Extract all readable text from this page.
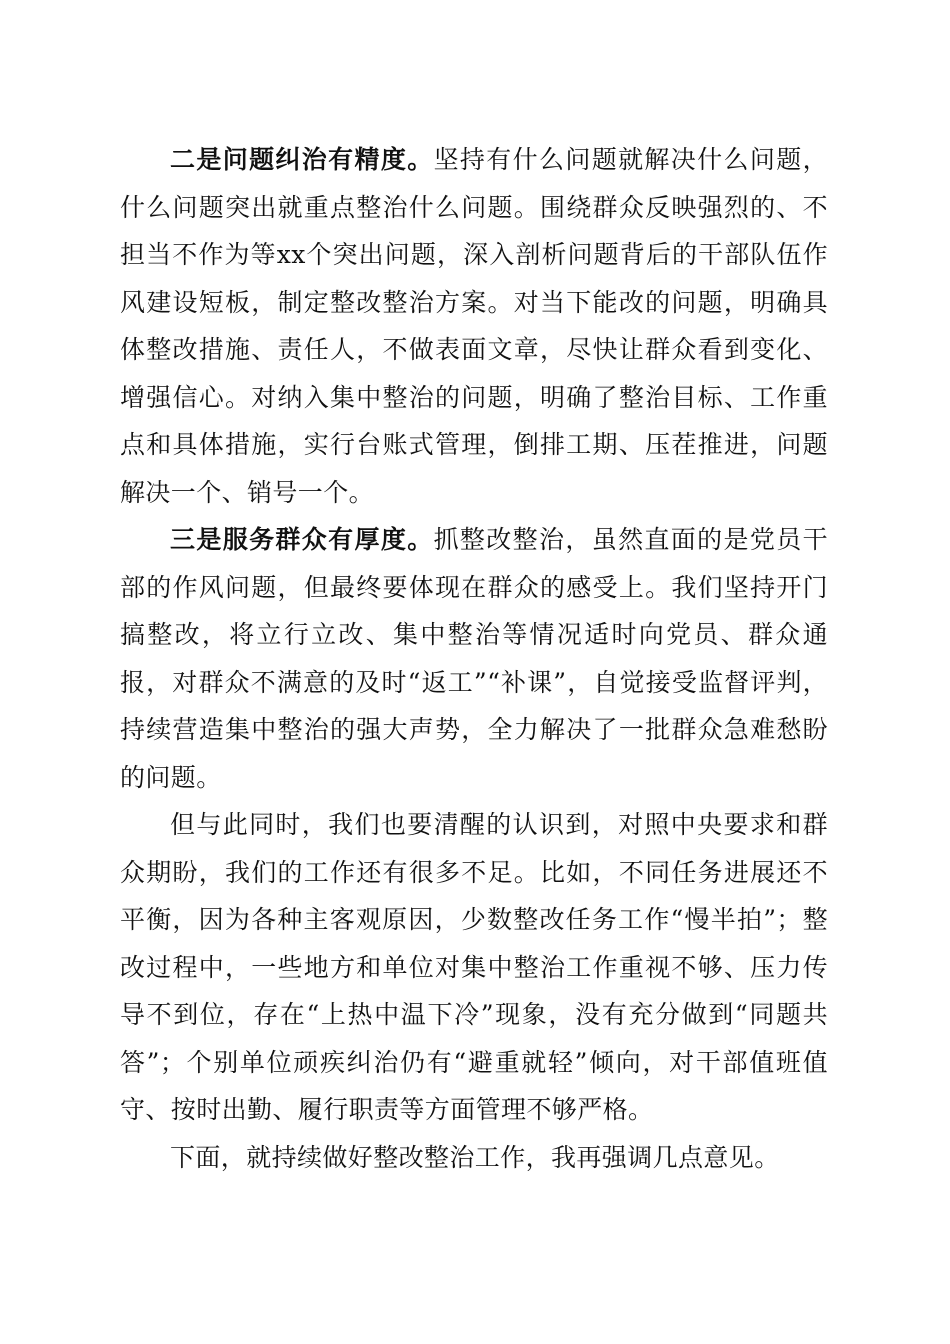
二是问题纠治有精度。坚持有什么问题就解决什么问题，什么问题突出就重点整治什么问题。围绕群众反映强烈的、不担当不作为等xx个突出问题，深入剖析问题背后的干部队伍作风建设短板，制定整改整治方案。对当下能改的问题，明确具体整改措施、责任人，不做表面文章，尽快让群众看到变化、增强信心。对纳入集中整治的问题，明确了整治目标、工作重点和具体措施，实行台账式管理，倒排工期、压茬推进，问题解决一个、销号一个。

三是服务群众有厚度。抓整改整治，虽然直面的是党员干部的作风问题，但最终要体现在群众的感受上。我们坚持开门搞整改，将立行立改、集中整治等情况适时向党员、群众通报，对群众不满意的及时“返工”“补课”，自觉接受监督评判，持续营造集中整治的强大声势，全力解决了一批群众急难愁盼的问题。

但与此同时，我们也要清醒的认识到，对照中央要求和群众期盼，我们的工作还有很多不足。比如，不同任务进展还不平衡，因为各种主客观原因，少数整改任务工作“慢半拍”；整改过程中，一些地方和单位对集中整治工作重视不够、压力传导不到位，存在“上热中温下冷”现象，没有充分做到“同题共答”；个别单位顽疾纠治仍有“避重就轻”倾向，对干部值班值守、按时出勤、履行职责等方面管理不够严格。

下面，就持续做好整改整治工作，我再强调几点意见。
